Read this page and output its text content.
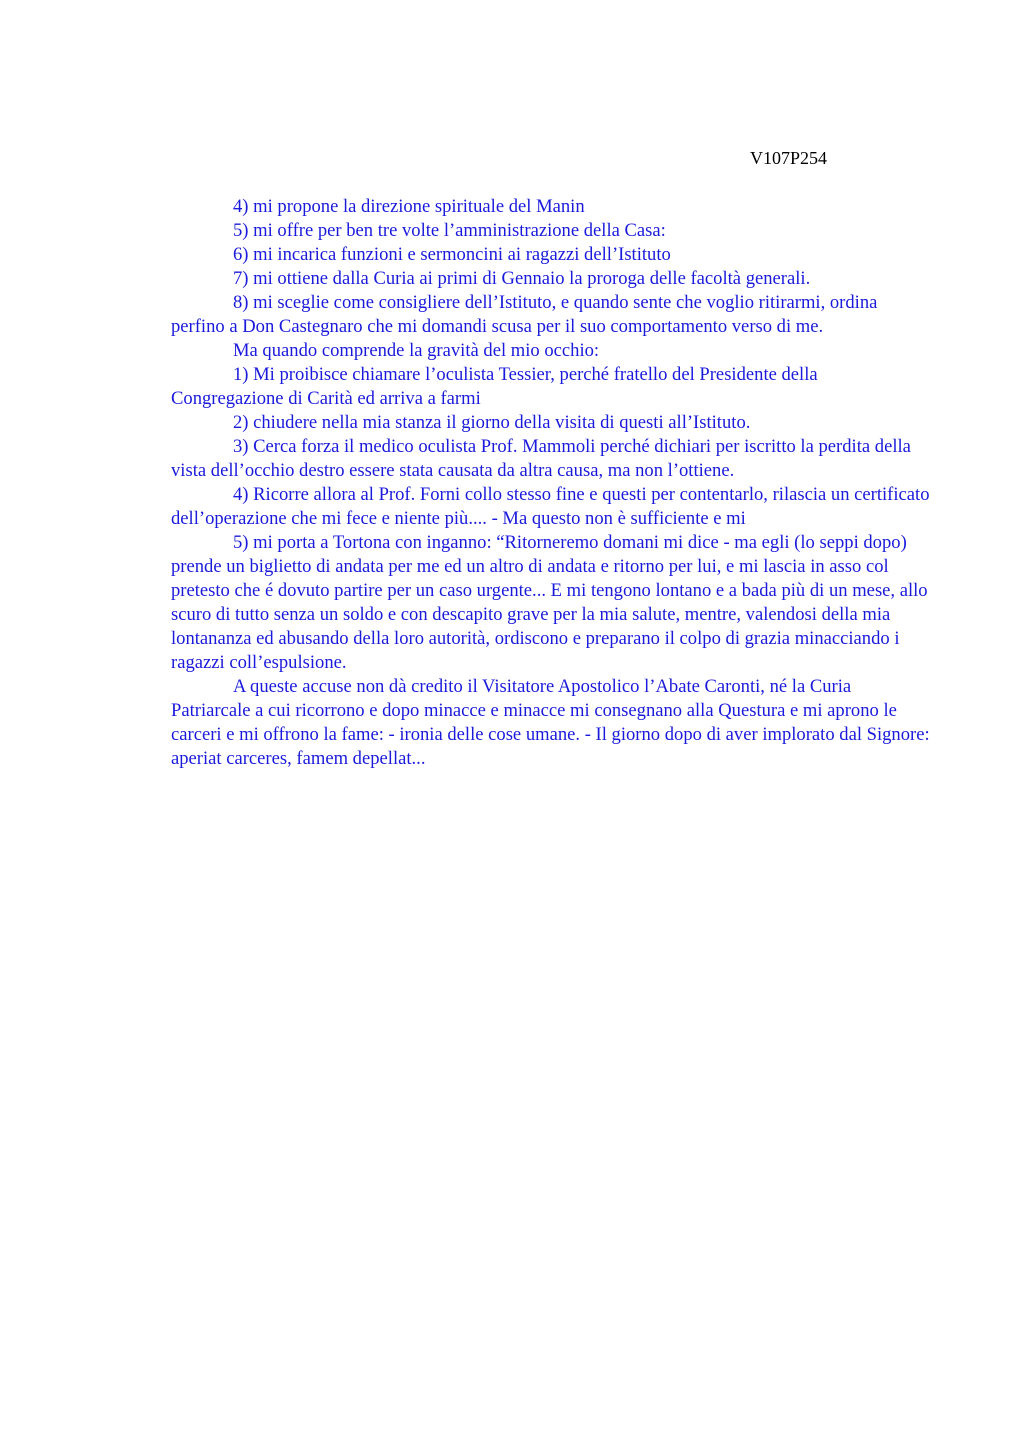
V107P254

4) mi propone la direzione spirituale del Manin

5) mi offre per ben tre volte l’amministrazione della Casa:

6) mi incarica funzioni e sermoncini ai ragazzi dell’Istituto

7) mi ottiene dalla Curia ai primi di Gennaio la proroga delle facoltà generali.

8) mi sceglie come consigliere dell’Istituto, e quando sente che voglio ritirarmi, ordina perfino a Don Castegnaro che mi domandi scusa per il suo comportamento verso di me.

Ma quando comprende la gravità del mio occhio:

1) Mi proibisce chiamare l’oculista Tessier, perché fratello del Presidente della Congregazione di Carità ed arriva a farmi

2) chiudere nella mia stanza il giorno della visita di questi all’Istituto.

3) Cerca forza il medico oculista Prof. Mammoli perché dichiari per iscritto la perdita della vista dell’occhio destro essere stata causata da altra causa, ma non l’ottiene.

4) Ricorre allora al Prof. Forni collo stesso fine e questi per contentarlo, rilascia un certificato dell’operazione che mi fece e niente più.... - Ma questo non è sufficiente e mi

5) mi porta a Tortona con inganno: “Ritorneremo domani mi dice - ma egli (lo seppi dopo) prende un biglietto di andata per me ed un altro di andata e ritorno per lui, e mi lascia in asso col pretesto che é dovuto partire per un caso urgente... E mi tengono lontano e a bada più di un mese, allo scuro di tutto senza un soldo e con descapito grave per la mia salute, mentre, valendosi della mia lontananza ed abusando della loro autorità, ordiscono e preparano il colpo di grazia minacciando i ragazzi coll’espulsione.

A queste accuse non dà credito il Visitatore Apostolico l’Abate Caronti, né la Curia Patriarcale a cui ricorrono e dopo minacce e minacce mi consegnano alla Questura e mi aprono le carceri e mi offrono la fame: - ironia delle cose umane. - Il giorno dopo di aver implorato dal Signore: aperiat carceres, famem depellat...
